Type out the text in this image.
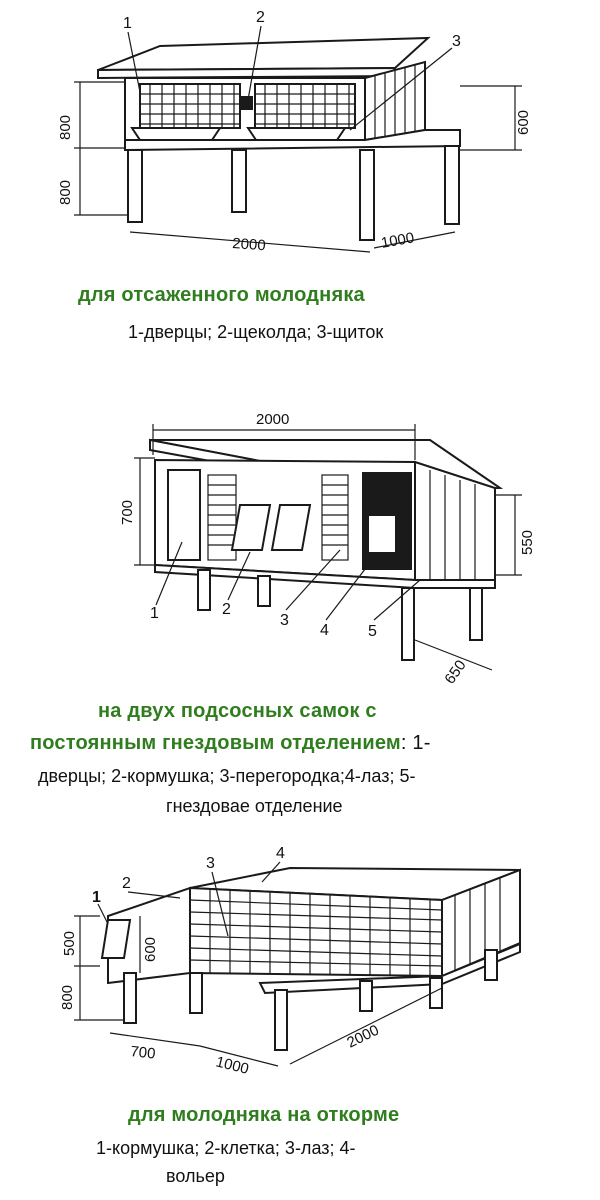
800
800
600
2000	1000
1	2
3

для отсаженного молодняка

1-дверцы; 2-щеколда; 3-щиток

2000
700
550
650
1	2
3
4 5

на двух подсосных самок с

постоянным гнездовым отделением: 1-

дверцы; 2-кормушка; 3-перегородка;4-лаз; 5-

гнездовае отделение

500	600
800
700
1000
2000
1
2
3
4

для молодняка на откорме

1-кормушка; 2-клетка; 3-лаз; 4-

вольер
